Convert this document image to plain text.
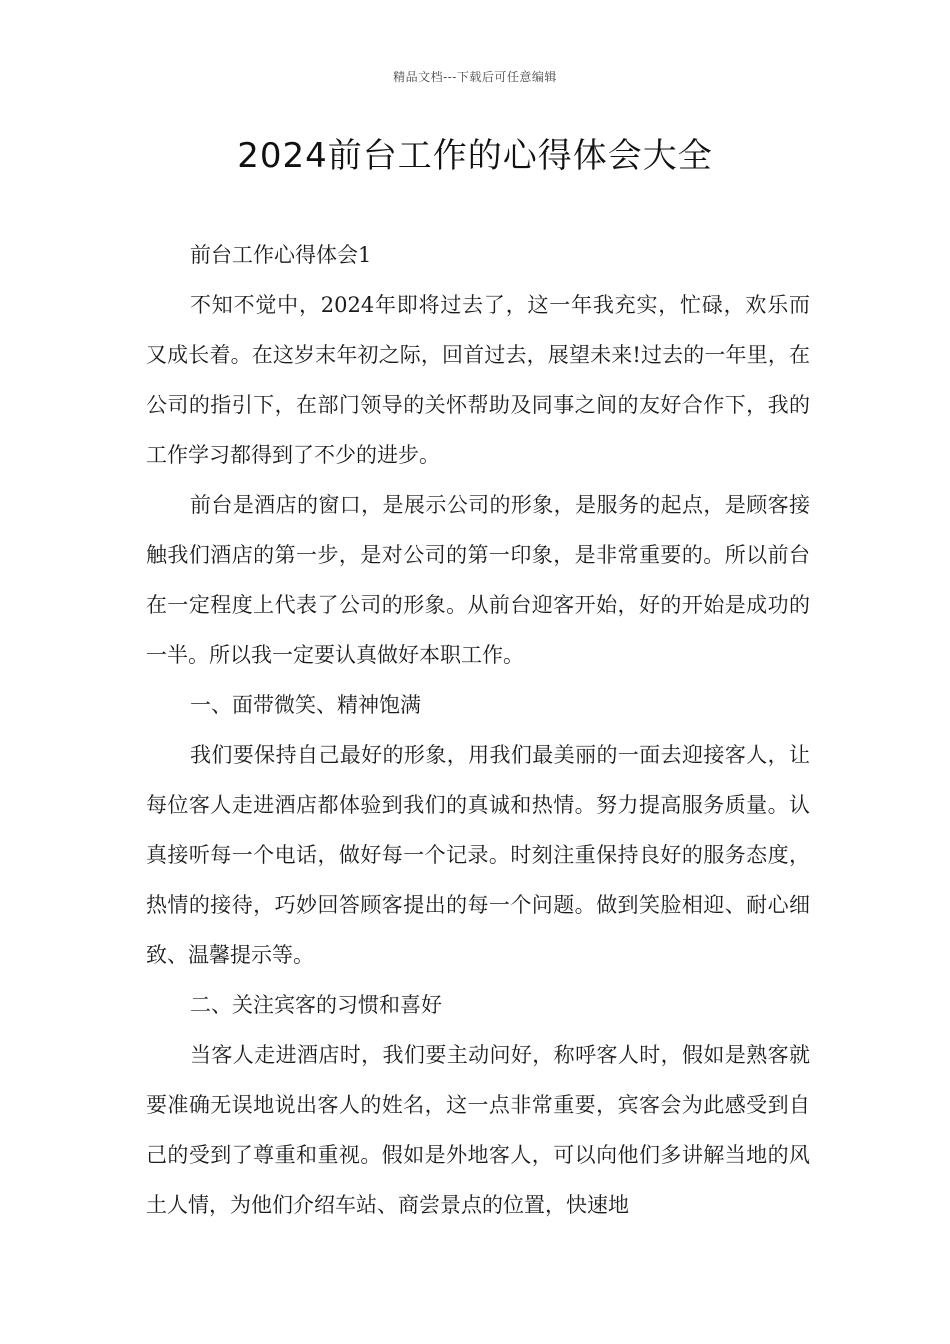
精品文档---下载后可任意编辑
2024前台工作的心得体会大全

前台工作心得体会1

不知不觉中，2024年即将过去了，这一年我充实，忙碌，欢乐而又成长着。在这岁末年初之际，回首过去，展望未来!过去的一年里，在公司的指引下，在部门领导的关怀帮助及同事之间的友好合作下，我的工作学习都得到了不少的进步。

前台是酒店的窗口，是展示公司的形象，是服务的起点，是顾客接触我们酒店的第一步，是对公司的第一印象，是非常重要的。所以前台在一定程度上代表了公司的形象。从前台迎客开始，好的开始是成功的一半。所以我一定要认真做好本职工作。

一、面带微笑、精神饱满

我们要保持自己最好的形象，用我们最美丽的一面去迎接客人，让每位客人走进酒店都体验到我们的真诚和热情。努力提高服务质量。认真接听每一个电话，做好每一个记录。时刻注重保持良好的服务态度，热情的接待，巧妙回答顾客提出的每一个问题。做到笑脸相迎、耐心细致、温馨提示等。

二、关注宾客的习惯和喜好

当客人走进酒店时，我们要主动问好，称呼客人时，假如是熟客就要准确无误地说出客人的姓名，这一点非常重要，宾客会为此感受到自己的受到了尊重和重视。假如是外地客人，可以向他们多讲解当地的风土人情，为他们介绍车站、商尝景点的位置，快速地
